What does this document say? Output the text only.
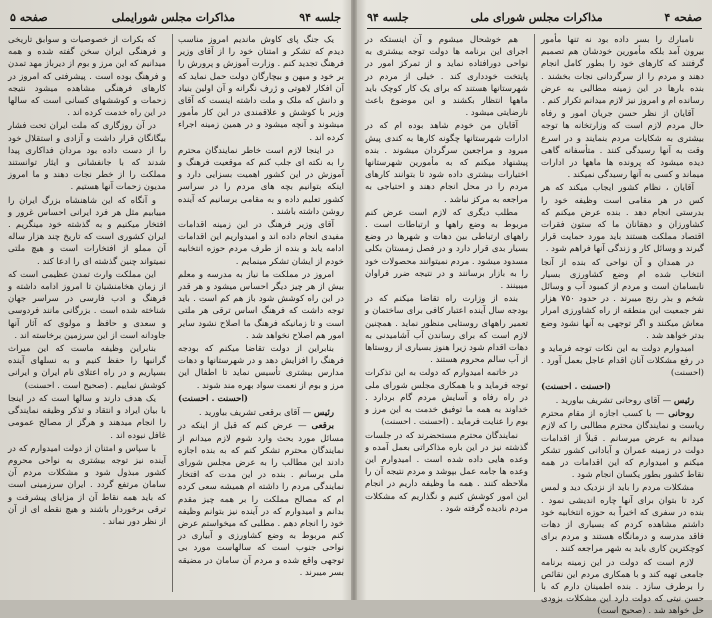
جلسه ۹۴
مذاکرات مجلس شورایملی
صفحه ۵

یک جنگ پای کاوش ماندیم امروز مناسب دیدم که تشکر و امتنان خود را از آقای وزیر فرهنگ تجدید کنم . وزارت آموزش و پرورش را بر خود و میهن و بیچارگان دولت حمل نماید که آن افکار لاهوتی و ژرف نگرانه و آن اولین بنیاد و دانش که ملک و ملت داشته اینست که آقای وزیر با کوشش و علاقمندی در این کار مأمور میشوند و آنچه میشود و در همین زمینه اجراء کرده اند .

در اینجا لازم است خاطر نمایندگان محترم را به نکته ای جلب کنم که موقعیت فرهنگ و آموزش در این کشور اهمیت بسزایی دارد و اینکه بتوانیم بچه های مردم را در سراسر کشور تعلیم داده و به مقامی برسانیم که آینده روشن داشته باشند .

آقای وزیر فرهنگ در این زمینه اقدامات مفیدی انجام داده اند و امیدواریم این اقدامات ادامه یابد و بنده از طرف مردم حوزه انتخابیه خودم از ایشان تشکر مینمایم .

امروز در مملکت ما نیاز به مدرسه و معلم بیش از هر چیز دیگر احساس میشود و هر قدر در این راه کوشش شود باز هم کم است . باید توجه داشت که فرهنگ اساس ترقی هر ملتی است و تا زمانیکه فرهنگ ما اصلاح نشود سایر امور هم اصلاح نخواهد شد .

بنابراین از دولت تقاضا میکنم که بودجه فرهنگ را افزایش دهد و در شهرستانها و دهات مدارس بیشتری تأسیس نماید تا اطفال این مرز و بوم از نعمت سواد بهره مند شوند .

(احسنت . احسنت)

رئیس — آقای برقعی تشریف بیاورید .

برقعی — عرض کنم که قبل از اینکه در مسائل مورد بحث وارد شوم لازم میدانم از نمایندگان محترم تشکر کنم که به بنده اجازه دادند این مطالب را به عرض مجلس شورای ملی برسانم . بنده در این مدت که افتخار نمایندگی مردم را داشته ام همیشه سعی کرده ام که مصالح مملکت را بر همه چیز مقدم بدانم و امیدوارم که در آینده نیز بتوانم وظیفه خود را انجام دهم . مطلبی که میخواستم عرض کنم مربوط به وضع کشاورزی و آبیاری در نواحی جنوب است که سالهاست مورد بی توجهی واقع شده و مردم آن سامان در مضیقه بسر میبرند .

که بکرات از خصوصیات و سوابق تاریخی و فرهنگی ایران سخن گفته شده و همه میدانیم که این مرز و بوم از دیرباز مهد تمدن و فرهنگ بوده است . پیشرفتی که امروز در کارهای فرهنگی مشاهده میشود نتیجه زحمات و کوششهای کسانی است که سالها در این راه خدمت کرده اند .

در آن روزگاری که ملت ایران تحت فشار بیگانگان قرار داشت و آزادی و استقلال خود را از دست داده بود مردان فداکاری پیدا شدند که با جانفشانی و ایثار توانستند مملکت را از خطر نجات دهند و ما امروز مدیون زحمات آنها هستیم .

و آنگاه که این شاهنشاه بزرگ ایران را مییابیم مثل هر فرد ایرانی احساس غرور و افتخار میکنیم و به گذشته خود مینگریم . ایران کشوری است که تاریخ چند هزار ساله آن مملو از افتخارات است و هیچ ملتی نمیتواند چنین گذشته ای را ادعا کند .

این مملکت وارث تمدن عظیمی است که از زمان هخامنشیان تا امروز ادامه داشته و فرهنگ و ادب فارسی در سراسر جهان شناخته شده است . بزرگانی مانند فردوسی و سعدی و حافظ و مولوی که آثار آنها جاودانه است از این سرزمین برخاسته اند .

بنابراین وظیفه ماست که این میراث گرانبها را حفظ کنیم و به نسلهای آینده بسپاریم و در راه اعتلای نام ایران و ایرانی کوشش نماییم . (صحیح است . احسنت)

یک هدف دارند و سالها است که در اینجا با بیان ایراد و انتقاد و تذکر وظیفه نمایندگی را انجام میدهند و هرگز از مصالح عمومی غافل نبوده اند .

با سپاس و امتنان از دولت امیدوارم که در آینده نیز توجه بیشتری به نواحی محروم کشور مبذول شود و مشکلات مردم آن سامان مرتفع گردد . ایران سرزمینی است که باید همه نقاط آن از مزایای پیشرفت و ترقی برخوردار باشند و هیچ نقطه ای از آن از نظر دور نماند .

صفحه ۴
مذاکرات مجلس شورای ملی
جلسه ۹۴

نامبارك را بسر داده بود نه تنها مأمور بیرون آمد بلکه مأمورین خودشان هم تصمیم گرفتند که کارهای خود را بطور کامل انجام دهند و مردم را از سرگردانی نجات بخشند . بنده بارها در این زمینه مطالبی به عرض رسانده ام و امروز نیز لازم میدانم تکرار کنم .

آقایان از نظر حسن جریان امور و رفاه حال مردم لازم است که وزارتخانه ها توجه بیشتری به شکایات مردم بنمایند و در اسرع وقت به آنها رسیدگی کنند . متأسفانه گاهی دیده میشود که پرونده ها ماهها در ادارات میماند و کسی به آنها رسیدگی نمیکند .

آقایان ، نظام کشور ایجاب میکند که هر کس در هر مقامی است وظیفه خود را بدرستی انجام دهد . بنده عرض میکنم که کشاورزان و دهقانان ما که ستون فقرات اقتصاد مملکت هستند باید مورد حمایت قرار گیرند و وسائل کار و زندگی آنها فراهم شود .

در همدان و آن نواحی که بنده از آنجا انتخاب شده ام وضع کشاورزی بسیار نابسامان است و مردم از کمبود آب و وسائل شخم و بذر رنج میبرند . در حدود ۷۵۰ هزار نفر جمعیت این منطقه از راه کشاورزی امرار معاش میکنند و اگر توجهی به آنها نشود وضع بدتر خواهد شد .

امیدوارم دولت به این نکات توجه فرماید و در رفع مشکلات آنان اقدام عاجل بعمل آورد . (احسنت)

(احسنت . احسنت)

رئیس — آقای روحانی تشریف بیاورید .

روحانی — با کسب اجازه از مقام محترم ریاست و نمایندگان محترم مطالبی را که لازم میدانم به عرض میرسانم . قبلاً از اقدامات دولت در زمینه عمران و آبادانی کشور تشکر میکنم و امیدوارم که این اقدامات در همه نقاط کشور بطور یکسان انجام شود .

مشکلات مردم را باید از نزدیک دید و لمس کرد تا بتوان برای آنها چاره اندیشی نمود . بنده در سفری که اخیراً به حوزه انتخابیه خود داشتم مشاهده کردم که بسیاری از دهات فاقد مدرسه و درمانگاه هستند و مردم برای کوچکترین کاری باید به شهر مراجعه کنند .

لازم است که دولت در این زمینه برنامه جامعی تهیه کند و با همکاری مردم این نقائص را برطرف سازد . بنده اطمینان دارم که با حسن نیتی که دولت دارد این مشکلات بزودی حل خواهد شد . (صحیح است)

هم خوشحال میشوم و آن اینستکه در اجرای این برنامه ها دولت توجه بیشتری به نواحی دورافتاده نماید و از تمرکز امور در پایتخت خودداری کند . خیلی از مردم در شهرستانها هستند که برای یک کار کوچک باید ماهها انتظار بکشند و این موضوع باعث نارضایتی میشود .

آقایان من خودم شاهد بوده ام که در ادارات شهرستانها چگونه کارها به کندی پیش میرود و مراجعین سرگردان میشوند . بنده پیشنهاد میکنم که به مأمورین شهرستانها اختیارات بیشتری داده شود تا بتوانند کارهای مردم را در محل انجام دهند و احتیاجی به مراجعه به مرکز نباشد .

مطلب دیگری که لازم است عرض کنم مربوط به وضع راهها و ارتباطات است . راههای ارتباطی بین دهات و شهرها در وضع بسیار بدی قرار دارد و در فصل زمستان بکلی مسدود میشود . مردم نمیتوانند محصولات خود را به بازار برسانند و در نتیجه ضرر فراوان میبینند .

بنده از وزارت راه تقاضا میکنم که در بودجه سال آینده اعتبار کافی برای ساختمان و تعمیر راههای روستایی منظور نماید . همچنین لازم است که برای رساندن آب آشامیدنی به دهات اقدام شود زیرا هنوز بسیاری از روستاها از آب سالم محروم هستند .

در خاتمه امیدوارم که دولت به این تذکرات توجه فرماید و با همکاری مجلس شورای ملی در راه رفاه و آسایش مردم گام بردارد . خداوند به همه ما توفیق خدمت به این مرز و بوم را عنایت فرماید . (احسنت . احسنت)

نمایندگان محترم مستحضرند که در جلسات گذشته نیز در این باره مذاکراتی بعمل آمده و وعده هایی داده شده است . امیدوارم این وعده ها جامه عمل بپوشد و مردم نتیجه آن را ملاحظه کنند . همه ما وظیفه داریم در انجام این امور کوشش کنیم و نگذاریم که مشکلات مردم نادیده گرفته شود .
